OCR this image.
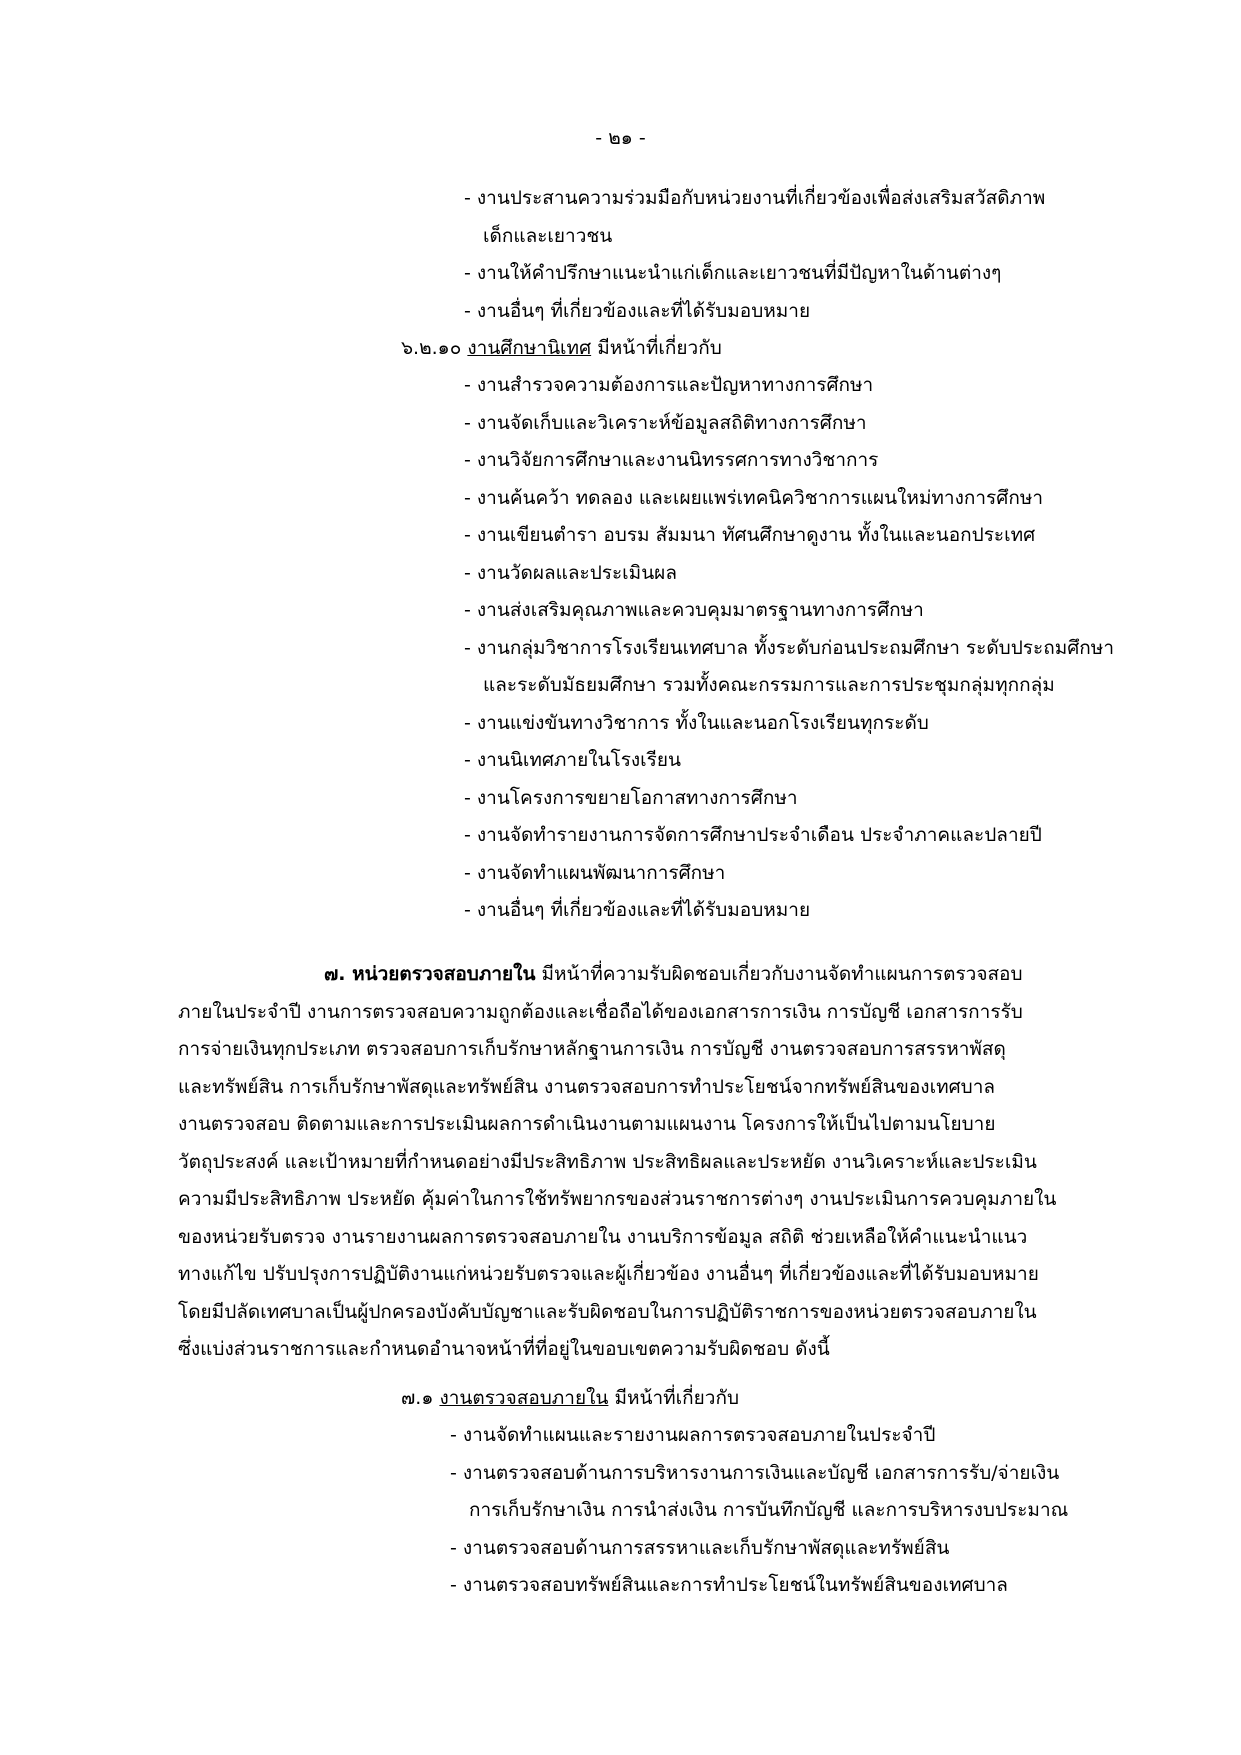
- ๒๑ -
- งานประสานความร่วมมือกับหน่วยงานที่เกี่ยวข้องเพื่อส่งเสริมสวัสดิภาพ
เด็กและเยาวชน
- งานให้คำปรึกษาแนะนำแก่เด็กและเยาวชนที่มีปัญหาในด้านต่างๆ
- งานอื่นๆ ที่เกี่ยวข้องและที่ได้รับมอบหมาย
๖.๒.๑๐ งานศึกษานิเทศ มีหน้าที่เกี่ยวกับ
- งานสำรวจความต้องการและปัญหาทางการศึกษา
- งานจัดเก็บและวิเคราะห์ข้อมูลสถิติทางการศึกษา
- งานวิจัยการศึกษาและงานนิทรรศการทางวิชาการ
- งานค้นคว้า ทดลอง และเผยแพร่เทคนิควิชาการแผนใหม่ทางการศึกษา
- งานเขียนตำรา อบรม สัมมนา ทัศนศึกษาดูงาน ทั้งในและนอกประเทศ
- งานวัดผลและประเมินผล
- งานส่งเสริมคุณภาพและควบคุมมาตรฐานทางการศึกษา
- งานกลุ่มวิชาการโรงเรียนเทศบาล ทั้งระดับก่อนประถมศึกษา ระดับประถมศึกษา
และระดับมัธยมศึกษา รวมทั้งคณะกรรมการและการประชุมกลุ่มทุกกลุ่ม
- งานแข่งขันทางวิชาการ ทั้งในและนอกโรงเรียนทุกระดับ
- งานนิเทศภายในโรงเรียน
- งานโครงการขยายโอกาสทางการศึกษา
- งานจัดทำรายงานการจัดการศึกษาประจำเดือน ประจำภาคและปลายปี
- งานจัดทำแผนพัฒนาการศึกษา
- งานอื่นๆ ที่เกี่ยวข้องและที่ได้รับมอบหมาย
๗. หน่วยตรวจสอบภายใน มีหน้าที่ความรับผิดชอบเกี่ยวกับงานจัดทำแผนการตรวจสอบ
ภายในประจำปี งานการตรวจสอบความถูกต้องและเชื่อถือได้ของเอกสารการเงิน การบัญชี เอกสารการรับ
การจ่ายเงินทุกประเภท ตรวจสอบการเก็บรักษาหลักฐานการเงิน การบัญชี งานตรวจสอบการสรรหาพัสดุ
และทรัพย์สิน การเก็บรักษาพัสดุและทรัพย์สิน งานตรวจสอบการทำประโยชน์จากทรัพย์สินของเทศบาล
งานตรวจสอบ ติดตามและการประเมินผลการดำเนินงานตามแผนงาน โครงการให้เป็นไปตามนโยบาย
วัตถุประสงค์ และเป้าหมายที่กำหนดอย่างมีประสิทธิภาพ ประสิทธิผลและประหยัด งานวิเคราะห์และประเมิน
ความมีประสิทธิภาพ ประหยัด คุ้มค่าในการใช้ทรัพยากรของส่วนราชการต่างๆ งานประเมินการควบคุมภายใน
ของหน่วยรับตรวจ งานรายงานผลการตรวจสอบภายใน งานบริการข้อมูล สถิติ ช่วยเหลือให้คำแนะนำแนว
ทางแก้ไข ปรับปรุงการปฏิบัติงานแก่หน่วยรับตรวจและผู้เกี่ยวข้อง งานอื่นๆ ที่เกี่ยวข้องและที่ได้รับมอบหมาย
โดยมีปลัดเทศบาลเป็นผู้ปกครองบังคับบัญชาและรับผิดชอบในการปฏิบัติราชการของหน่วยตรวจสอบภายใน
ซึ่งแบ่งส่วนราชการและกำหนดอำนาจหน้าที่ที่อยู่ในขอบเขตความรับผิดชอบ ดังนี้
๗.๑ งานตรวจสอบภายใน มีหน้าที่เกี่ยวกับ
- งานจัดทำแผนและรายงานผลการตรวจสอบภายในประจำปี
- งานตรวจสอบด้านการบริหารงานการเงินและบัญชี เอกสารการรับ/จ่ายเงิน
การเก็บรักษาเงิน การนำส่งเงิน การบันทึกบัญชี และการบริหารงบประมาณ
- งานตรวจสอบด้านการสรรหาและเก็บรักษาพัสดุและทรัพย์สิน
- งานตรวจสอบทรัพย์สินและการทำประโยชน์ในทรัพย์สินของเทศบาล
